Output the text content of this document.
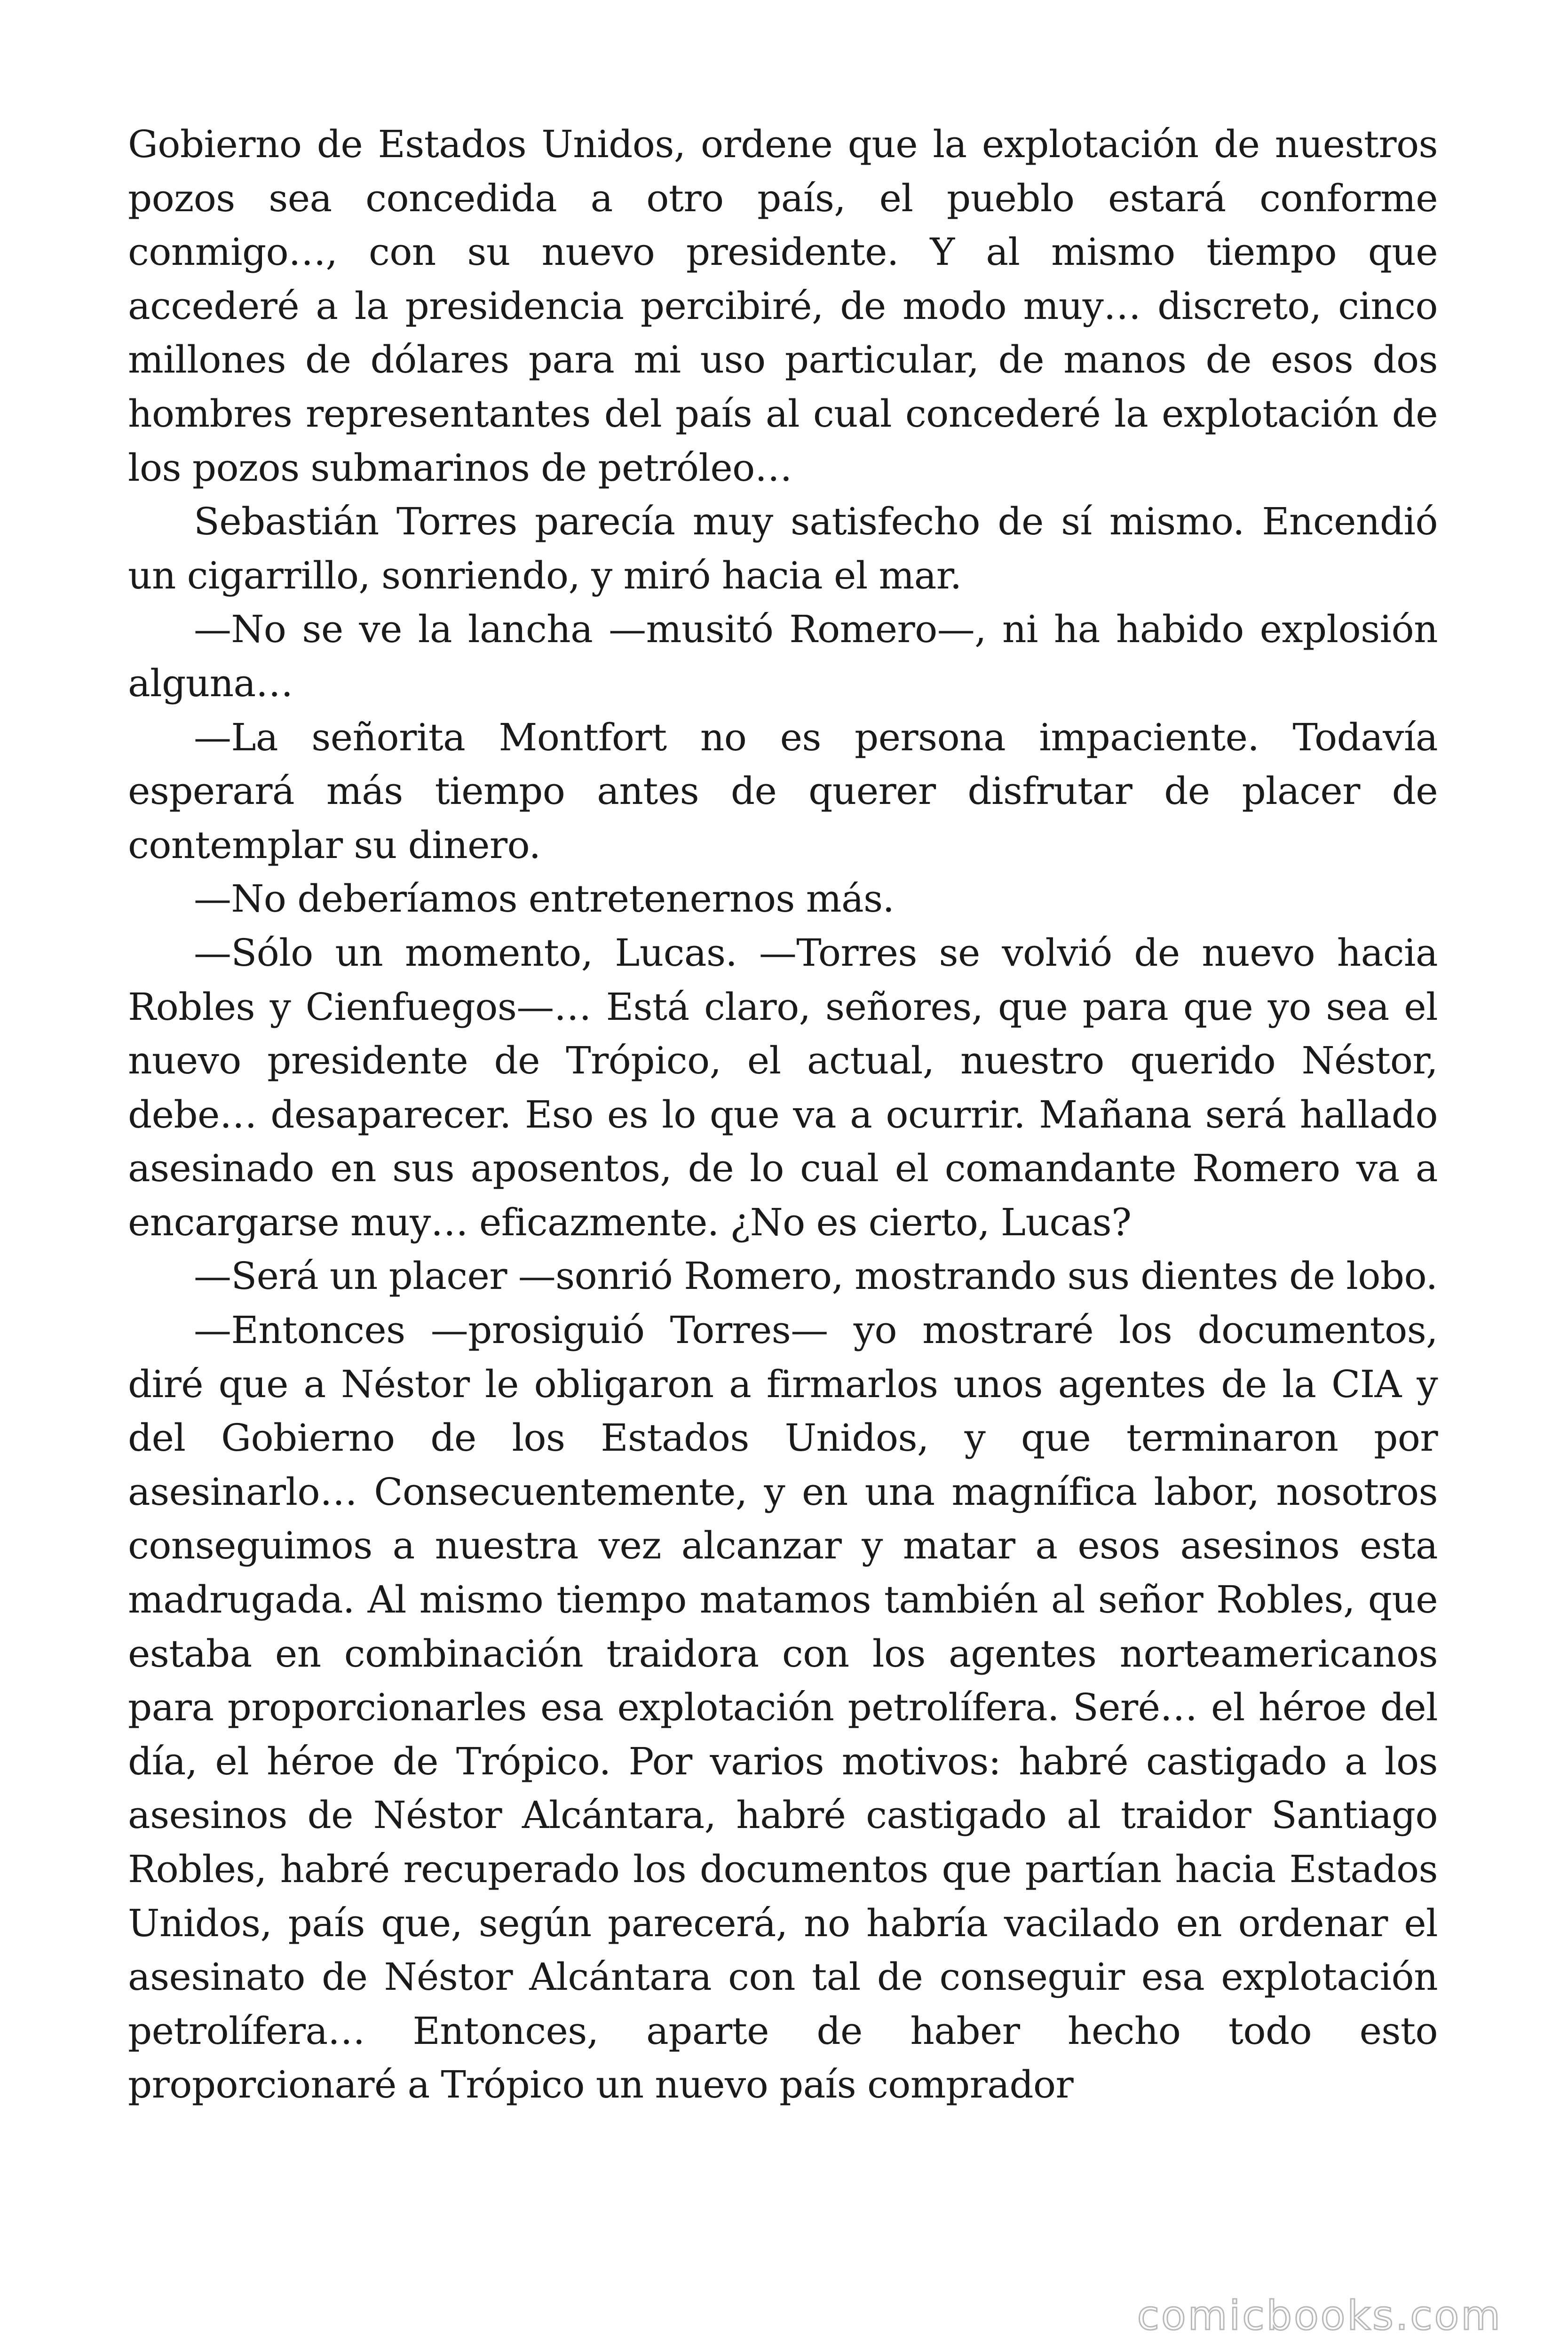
Gobierno de Estados Unidos, ordene que la explotación de nuestros pozos sea concedida a otro país, el pueblo estará conforme conmigo…, con su nuevo presidente. Y al mismo tiempo que accederé a la presidencia percibiré, de modo muy… discreto, cinco millones de dólares para mi uso particular, de manos de esos dos hombres representantes del país al cual concederé la explotación de los pozos submarinos de petróleo…

Sebastián Torres parecía muy satisfecho de sí mismo. Encendió un cigarrillo, sonriendo, y miró hacia el mar.

—No se ve la lancha —musitó Romero—, ni ha habido explosión alguna…

—La señorita Montfort no es persona impaciente. Todavía esperará más tiempo antes de querer disfrutar de placer de contemplar su dinero.

—No deberíamos entretenernos más.

—Sólo un momento, Lucas. —Torres se volvió de nuevo hacia Robles y Cienfuegos—… Está claro, señores, que para que yo sea el nuevo presidente de Trópico, el actual, nuestro querido Néstor, debe… desaparecer. Eso es lo que va a ocurrir. Mañana será hallado asesinado en sus aposentos, de lo cual el comandante Romero va a encargarse muy… eficazmente. ¿No es cierto, Lucas?

—Será un placer —sonrió Romero, mostrando sus dientes de lobo.

—Entonces —prosiguió Torres— yo mostraré los documentos, diré que a Néstor le obligaron a firmarlos unos agentes de la CIA y del Gobierno de los Estados Unidos, y que terminaron por asesinarlo… Consecuentemente, y en una magnífica labor, nosotros conseguimos a nuestra vez alcanzar y matar a esos asesinos esta madrugada. Al mismo tiempo matamos también al señor Robles, que estaba en combinación traidora con los agentes norteamericanos para proporcionarles esa explotación petrolífera. Seré… el héroe del día, el héroe de Trópico. Por varios motivos: habré castigado a los asesinos de Néstor Alcántara, habré castigado al traidor Santiago Robles, habré recuperado los documentos que partían hacia Estados Unidos, país que, según parecerá, no habría vacilado en ordenar el asesinato de Néstor Alcántara con tal de conseguir esa explotación petrolífera… Entonces, aparte de haber hecho todo esto proporcionaré a Trópico un nuevo país comprador

comicbooks.com
